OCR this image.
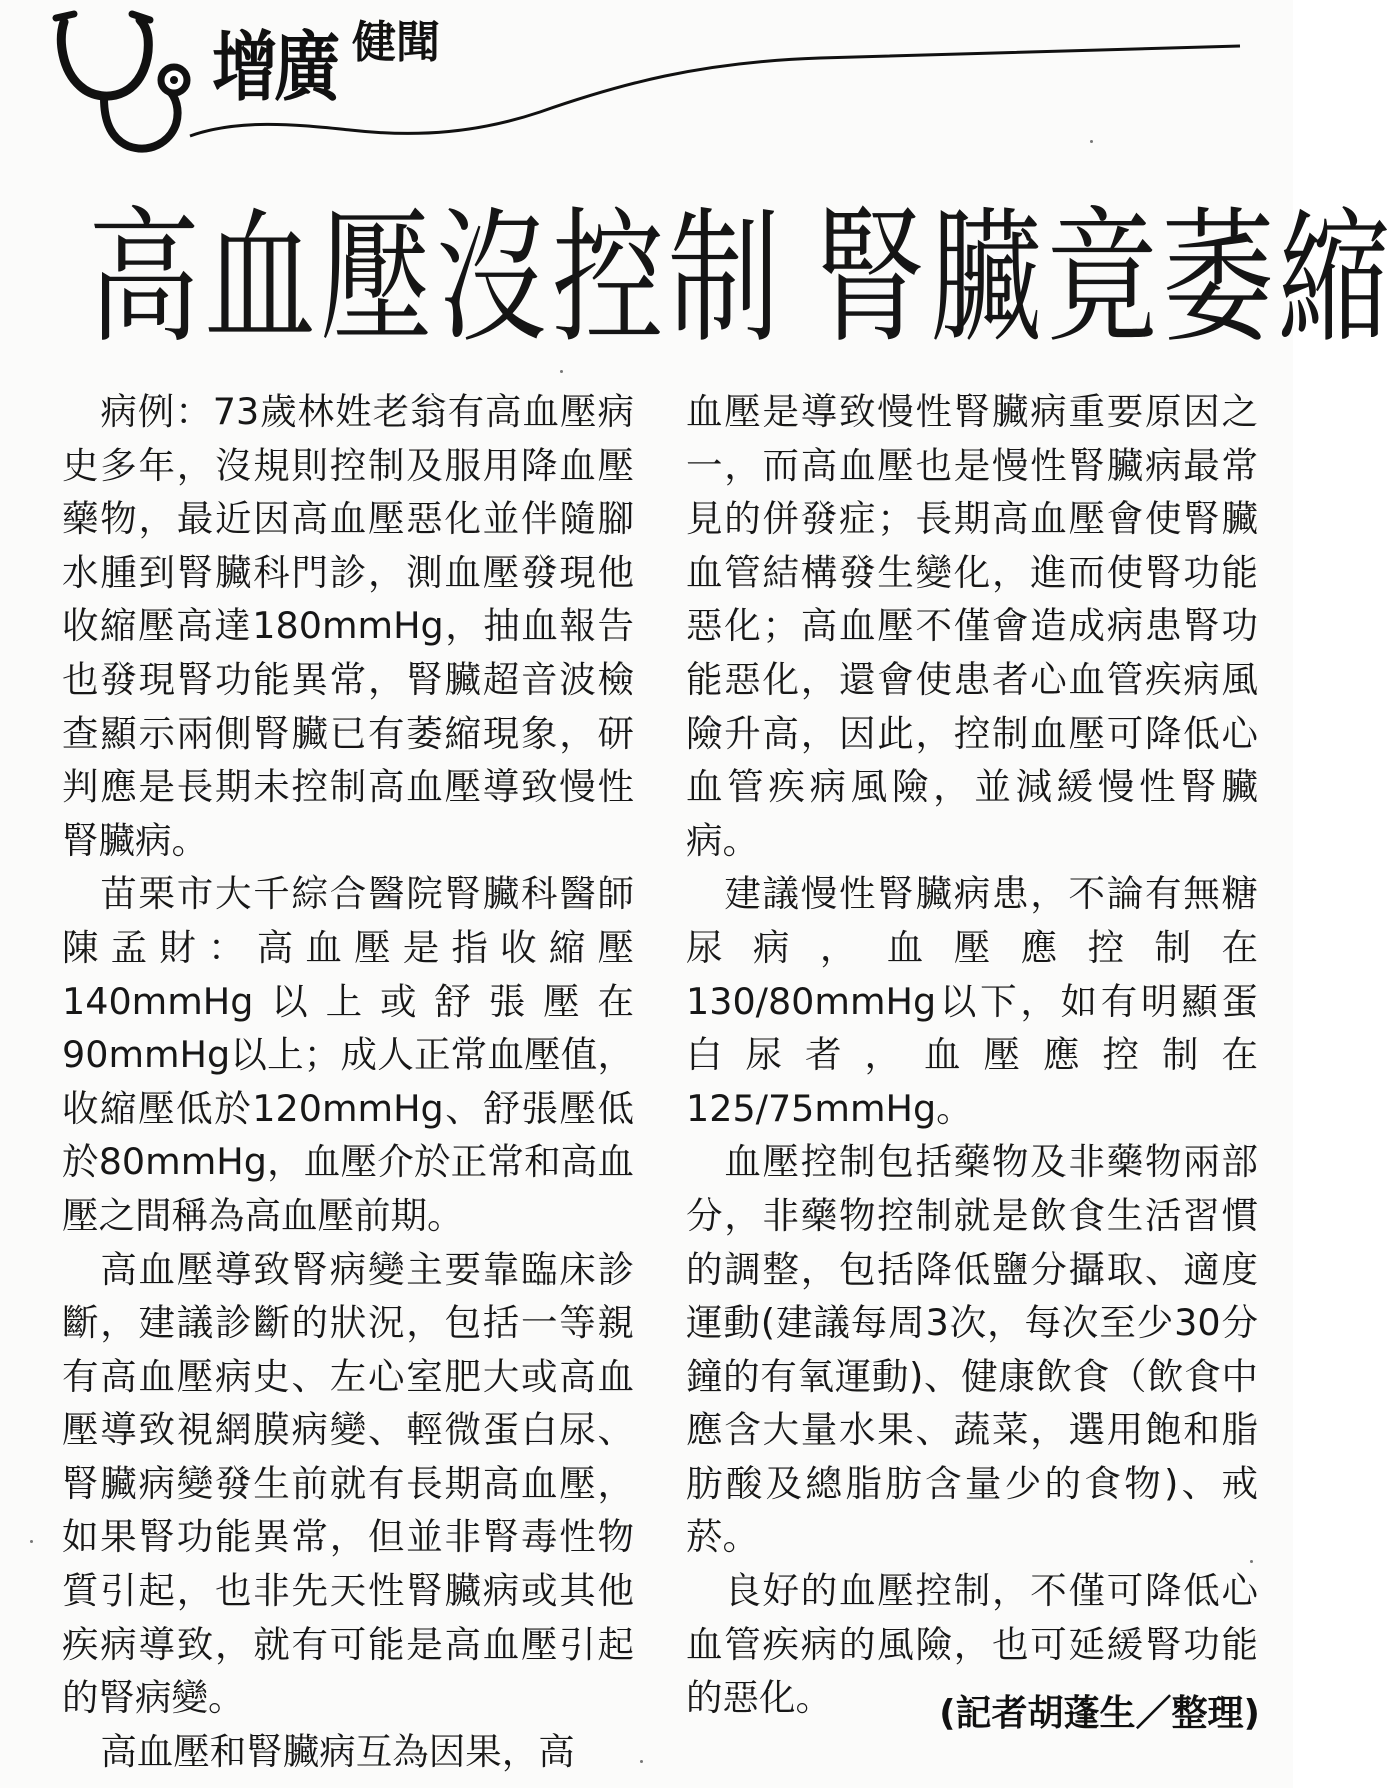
增廣 健聞
高血壓沒控制 腎臟竟萎縮

病例：73歲林姓老翁有高血壓病史多年，沒規則控制及服用降血壓藥物，最近因高血壓惡化並伴隨腳水腫到腎臟科門診，測血壓發現他收縮壓高達180mmHg，抽血報告也發現腎功能異常，腎臟超音波檢查顯示兩側腎臟已有萎縮現象，研判應是長期未控制高血壓導致慢性腎臟病。

苗栗市大千綜合醫院腎臟科醫師陳孟財：高血壓是指收縮壓140mmHg以上或舒張壓在90mmHg以上；成人正常血壓值，收縮壓低於120mmHg、舒張壓低於80mmHg，血壓介於正常和高血壓之間稱為高血壓前期。

高血壓導致腎病變主要靠臨床診斷，建議診斷的狀況，包括一等親有高血壓病史、左心室肥大或高血壓導致視網膜病變、輕微蛋白尿、腎臟病變發生前就有長期高血壓，如果腎功能異常，但並非腎毒性物質引起，也非先天性腎臟病或其他疾病導致，就有可能是高血壓引起的腎病變。

高血壓和腎臟病互為因果，高

血壓是導致慢性腎臟病重要原因之一，而高血壓也是慢性腎臟病最常見的併發症；長期高血壓會使腎臟血管結構發生變化，進而使腎功能惡化；高血壓不僅會造成病患腎功能惡化，還會使患者心血管疾病風險升高，因此，控制血壓可降低心血管疾病風險，並減緩慢性腎臟病。

建議慢性腎臟病患，不論有無糖尿病，血壓應控制在130/80mmHg以下，如有明顯蛋白尿者，血壓應控制在125/75mmHg。

血壓控制包括藥物及非藥物兩部分，非藥物控制就是飲食生活習慣的調整，包括降低鹽分攝取、適度運動(建議每周3次，每次至少30分鐘的有氧運動)、健康飲食（飲食中應含大量水果、蔬菜，選用飽和脂肪酸及總脂肪含量少的食物)、戒菸。

良好的血壓控制，不僅可降低心血管疾病的風險，也可延緩腎功能的惡化。	(記者胡蓬生／整理)
